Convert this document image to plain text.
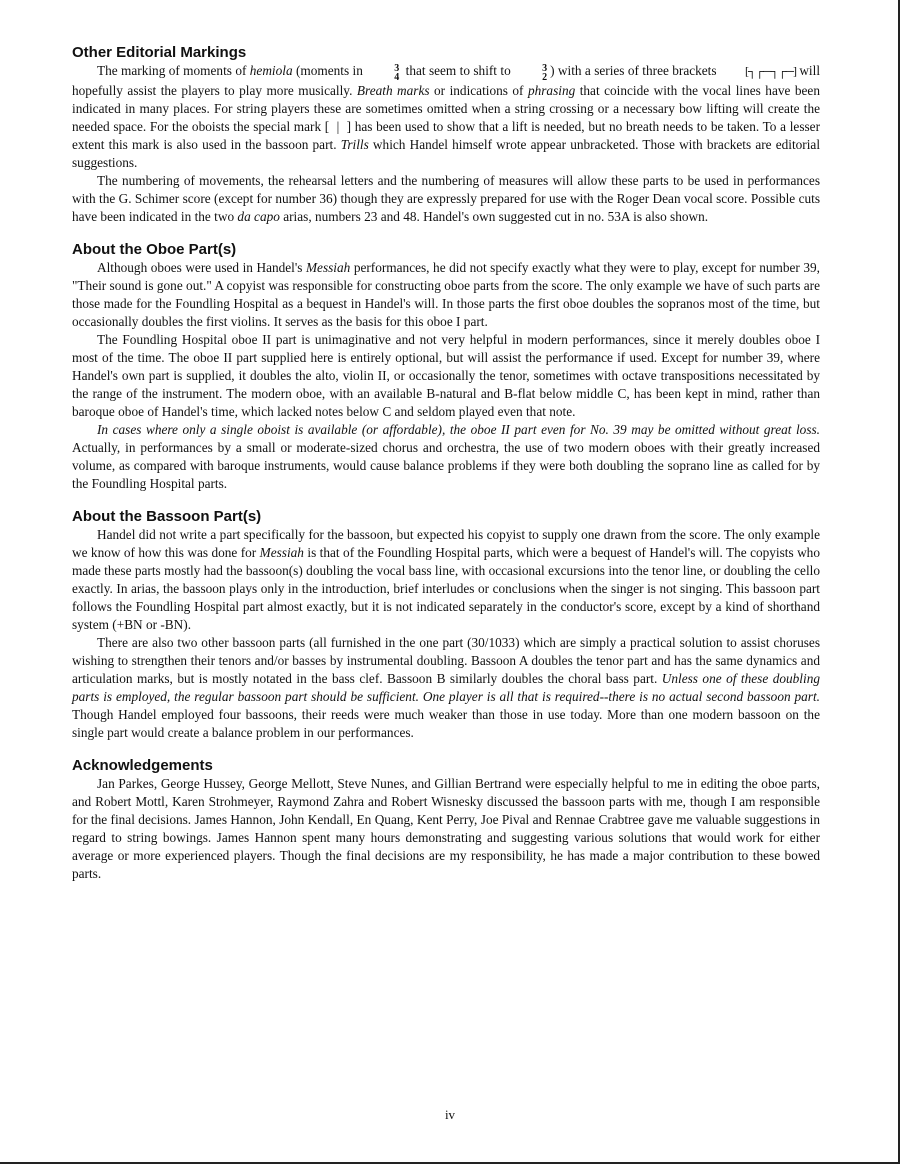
Other Editorial Markings

The marking of moments of hemiola (moments in	3
4 that seem to shift to	3
2 ) with a series of three brackets [┐┌─┐┌─] will hopefully assist the players to play more musically. Breath marks or indications of phrasing that coincide with the vocal lines have been indicated in many places. For string players these are sometimes omitted when a string crossing or a necessary bow lifting will create the needed space. For the oboists the special mark [  |  ] has been used to show that a lift is needed, but no breath needs to be taken. To a lesser extent this mark is also used in the bassoon part. Trills which Handel himself wrote appear unbracketed. Those with brackets are editorial suggestions.

The numbering of movements, the rehearsal letters and the numbering of measures will allow these parts to be used in performances with the G. Schimer score (except for number 36) though they are expressly prepared for use with the Roger Dean vocal score. Possible cuts have been indicated in the two da capo arias, numbers 23 and 48. Handel's own suggested cut in no. 53A is also shown.

About the Oboe Part(s)

Although oboes were used in Handel's Messiah performances, he did not specify exactly what they were to play, except for number 39, "Their sound is gone out." A copyist was responsible for constructing oboe parts from the score. The only example we have of such parts are those made for the Foundling Hospital as a bequest in Handel's will. In those parts the first oboe doubles the sopranos most of the time, but occasionally doubles the first violins. It serves as the basis for this oboe I part.

The Foundling Hospital oboe II part is unimaginative and not very helpful in modern performances, since it merely doubles oboe I most of the time. The oboe II part supplied here is entirely optional, but will assist the performance if used. Except for number 39, where Handel's own part is supplied, it doubles the alto, violin II, or occasionally the tenor, sometimes with octave transpositions necessitated by the range of the instrument. The modern oboe, with an available B-natural and B-flat below middle C, has been kept in mind, rather than baroque oboe of Handel's time, which lacked notes below C and seldom played even that note.

In cases where only a single oboist is available (or affordable), the oboe II part even for No. 39 may be omitted without great loss. Actually, in performances by a small or moderate-sized chorus and orchestra, the use of two modern oboes with their greatly increased volume, as compared with baroque instruments, would cause balance problems if they were both doubling the soprano line as called for by the Foundling Hospital parts.

About the Bassoon Part(s)

Handel did not write a part specifically for the bassoon, but expected his copyist to supply one drawn from the score. The only example we know of how this was done for Messiah is that of the Foundling Hospital parts, which were a bequest of Handel's will. The copyists who made these parts mostly had the bassoon(s) doubling the vocal bass line, with occasional excursions into the tenor line, or doubling the cello exactly. In arias, the bassoon plays only in the introduction, brief interludes or conclusions when the singer is not singing. This bassoon part follows the Foundling Hospital part almost exactly, but it is not indicated separately in the conductor's score, except by a kind of shorthand system (+BN or -BN).

There are also two other bassoon parts (all furnished in the one part (30/1033) which are simply a practical solution to assist choruses wishing to strengthen their tenors and/or basses by instrumental doubling. Bassoon A doubles the tenor part and has the same dynamics and articulation marks, but is mostly notated in the bass clef. Bassoon B similarly doubles the choral bass part. Unless one of these doubling parts is employed, the regular bassoon part should be sufficient. One player is all that is required--there is no actual second bassoon part. Though Handel employed four bassoons, their reeds were much weaker than those in use today. More than one modern bassoon on the single part would create a balance problem in our performances.

Acknowledgements

Jan Parkes, George Hussey, George Mellott, Steve Nunes, and Gillian Bertrand were especially helpful to me in editing the oboe parts, and Robert Mottl, Karen Strohmeyer, Raymond Zahra and Robert Wisnesky discussed the bassoon parts with me, though I am responsible for the final decisions. James Hannon, John Kendall, En Quang, Kent Perry, Joe Pival and Rennae Crabtree gave me valuable suggestions in regard to string bowings. James Hannon spent many hours demonstrating and suggesting various solutions that would work for either average or more experienced players. Though the final decisions are my responsibility, he has made a major contribution to these bowed parts.

iv
